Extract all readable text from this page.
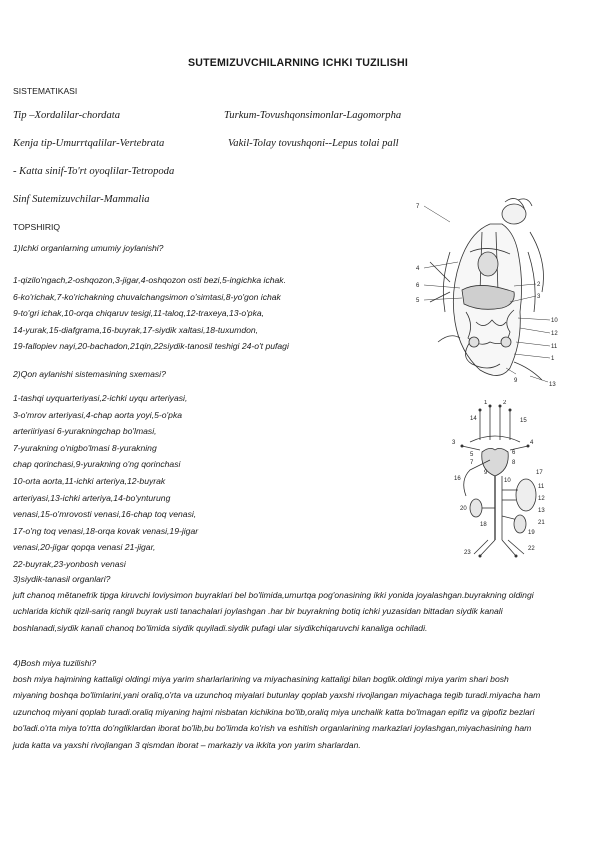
SUTEMIZUVCHILARNING ICHKI TUZILISHI
SISTEMATIKASI
Tip –Xordalilar-chordata	Turkum-Tovushqonsimonlar-Lagomorpha
Kenja tip-Umurrtqalilar-Vertebrata	Vakil-Tolay tovushqoni--Lepus tolai pall
- Katta sinif-To'rt oyoqlilar-Tetropoda
Sinf Sutemizuvchilar-Mammalia
TOPSHIRIQ
1)Ichki organlarning umumiy joylanishi?
1-qizilo'ngach,2-oshqozon,3-jigar,4-oshqozon osti bezi,5-ingichka ichak.
6-ko'richak,7-ko'richakning chuvalchangsimon o'simtasi,8-yo'gon ichak
9-to'gri ichak,10-orqa chiqaruv tesigi,11-taloq,12-traxeya,13-o'pka,
14-yurak,15-diafgrama,16-buyrak,17-siydik xaltasi,18-tuxumdon,
19-fallopiev nayi,20-bachadon,21qin,22siydik-tanosil teshigi 24-o't pufagi
2)Qon aylanishi sistemasining sxemasi?
1-tashqi uyquarteriyasi,2-ichki uyqu arteriyasi,
3-o'mrov arteriyasi,4-chap aorta yoyi,5-o'pka
arteriiriyasi 6-yurakningchap bo'lmasi,
7-yurakning o'nigbo'lmasi 8-yurakning
chap qorinchasi,9-yurakning o'ng qorinchasi
10-orta aorta,11-ichki arteriya,12-buyrak
arteriyasi,13-ichki arteriya,14-bo'ynturung
venasi,15-o'mrovosti venasi,16-chap toq venasi,
17-o'ng toq venasi,18-orqa kovak venasi,19-jigar
venasi,20-jigar qopqa venasi 21-jigar,
22-buyrak,23-yonbosh venasi
3)siydik-tanasil organlari?
juft chanoq mětanefrik tipga kiruvchi loviysimon buyraklari bel bo'limida,umurtqa pog'onasining ikki yonida joyalashgan.buyrakning oldingi uchlarida kichik qizil-sariq rangli buyrak usti tanachalari joylashgan .har bir buyrakning botiq ichki yuzasidan bittadan siydik kanali boshlanadi,siydik kanali chanoq bo'limida siydik quyiladi.siydik pufagi ular siydikchiqaruvchi kanaliga ochiladi.
4)Bosh miya tuzilishi?
bosh miya hajmining kattaligi oldingi miya yarim sharlarlarining va miyachasining kattaligi bilan boglik.oldingi miya yarim shari bosh miyaning boshqa bo'limlarini,yani oraliq,o'rta va uzunchoq miyalari butunlay qoplab yaxshi rivojlangan miyachaga tegib turadi.miyacha ham uzunchoq miyani qoplab turadi.oraliq miyaning hajmi nisbatan kichikina bo'lib,oraliq miya unchalik katta bo'lmagan epifiz va gipofiz bezlari bo'ladi.o'rta miya to'rtta do'ngliklardan iborat bo'lib,bu bo'limda ko'rish va eshitish organlarining markazlari joylashgan,miyachasining ham juda katta va yaxshi rivojlangan 3 qismdan iborat – markaziy va ikkita yon yarim sharlardan.
7
4
6
5
2
3
10
12
11
1
9
13
1	2
3	4
5	6
7	8
9
10
11
12
13
14	15
16
17
18
19
20
21
22
23
